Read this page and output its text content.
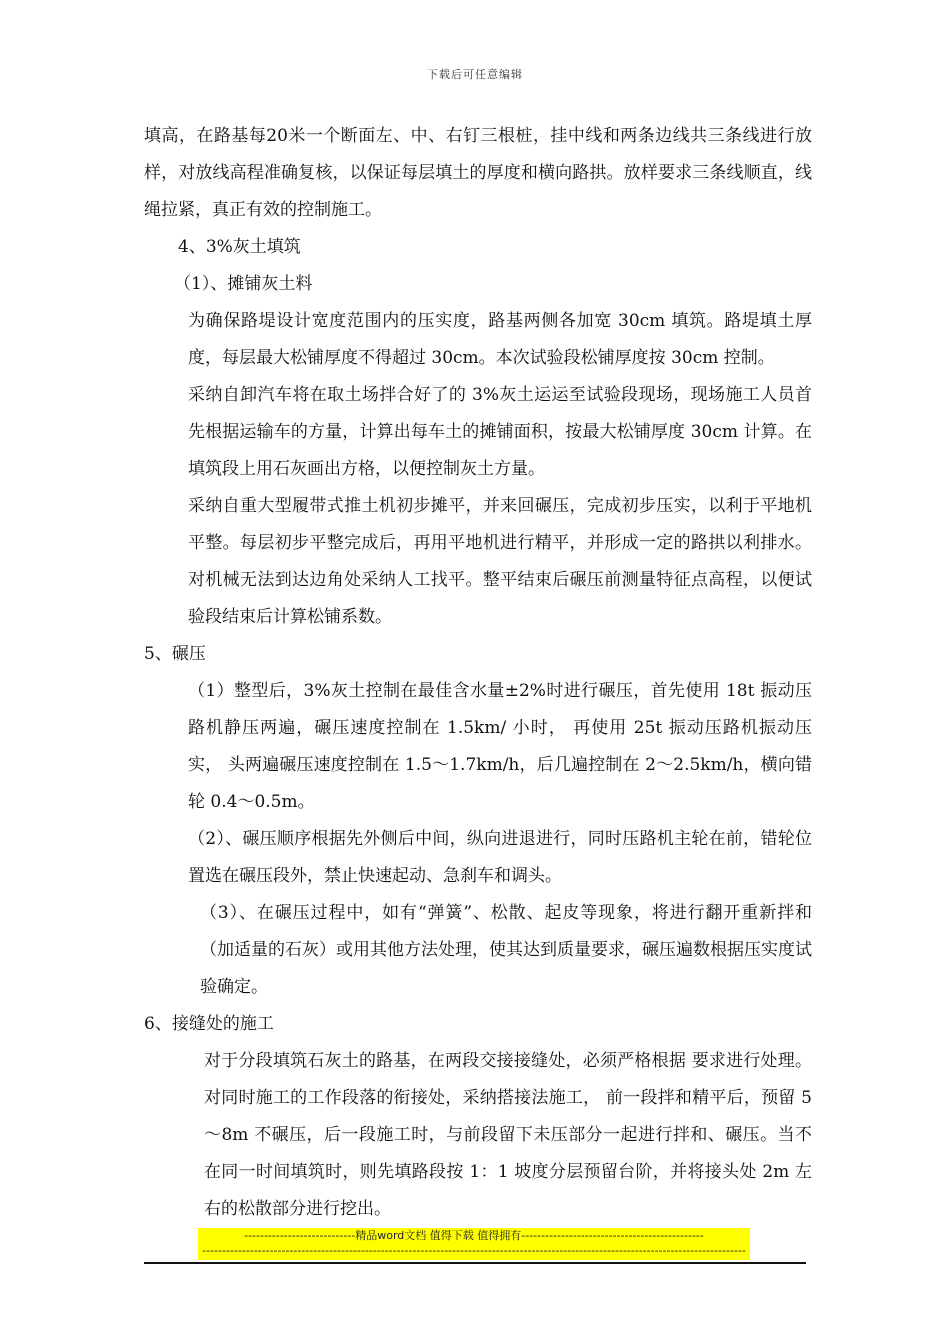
下载后可任意编辑

填高，在路基每20米一个断面左、中、右钉三根桩，挂中线和两条边线共三条线进行放样，对放线高程准确复核，以保证每层填土的厚度和横向路拱。放样要求三条线顺直，线绳拉紧，真正有效的控制施工。

4、3%灰土填筑

（1）、摊铺灰土料

为确保路堤设计宽度范围内的压实度，路基两侧各加宽 30cm 填筑。路堤填土厚度，每层最大松铺厚度不得超过 30cm。本次试验段松铺厚度按 30cm 控制。

采纳自卸汽车将在取土场拌合好了的 3%灰土运运至试验段现场，现场施工人员首先根据运输车的方量，计算出每车土的摊铺面积，按最大松铺厚度 30cm 计算。在填筑段上用石灰画出方格，以便控制灰土方量。

采纳自重大型履带式推土机初步摊平，并来回碾压，完成初步压实，以利于平地机平整。每层初步平整完成后，再用平地机进行精平，并形成一定的路拱以利排水。对机械无法到达边角处采纳人工找平。整平结束后碾压前测量特征点高程，以便试验段结束后计算松铺系数。

5、碾压

（1）整型后，3%灰土控制在最佳含水量±2%时进行碾压，首先使用 18t 振动压路机静压两遍，碾压速度控制在 1.5km/ 小时， 再使用 25t 振动压路机振动压实， 头两遍碾压速度控制在 1.5～1.7km/h，后几遍控制在 2～2.5km/h，横向错轮 0.4～0.5m。

（2）、碾压顺序根据先外侧后中间，纵向进退进行，同时压路机主轮在前，错轮位置选在碾压段外，禁止快速起动、急刹车和调头。

（3）、在碾压过程中，如有“弹簧”、松散、起皮等现象，将进行翻开重新拌和（加适量的石灰）或用其他方法处理，使其达到质量要求，碾压遍数根据压实度试验确定。

6、接缝处的施工

对于分段填筑石灰土的路基，在两段交接接缝处，必须严格根据 要求进行处理。对同时施工的工作段落的衔接处，采纳搭接法施工， 前一段拌和精平后，预留 5～8m 不碾压，后一段施工时，与前段留下未压部分一起进行拌和、碾压。当不在同一时间填筑时，则先填路段按 1：1 坡度分层预留台阶，并将接头处 2m 左右的松散部分进行挖出。

----------------------------精品word文档 值得下载 值得拥有----------------------------------------------
-----------------------------------------------------------------------------------------------------------------------------------------
